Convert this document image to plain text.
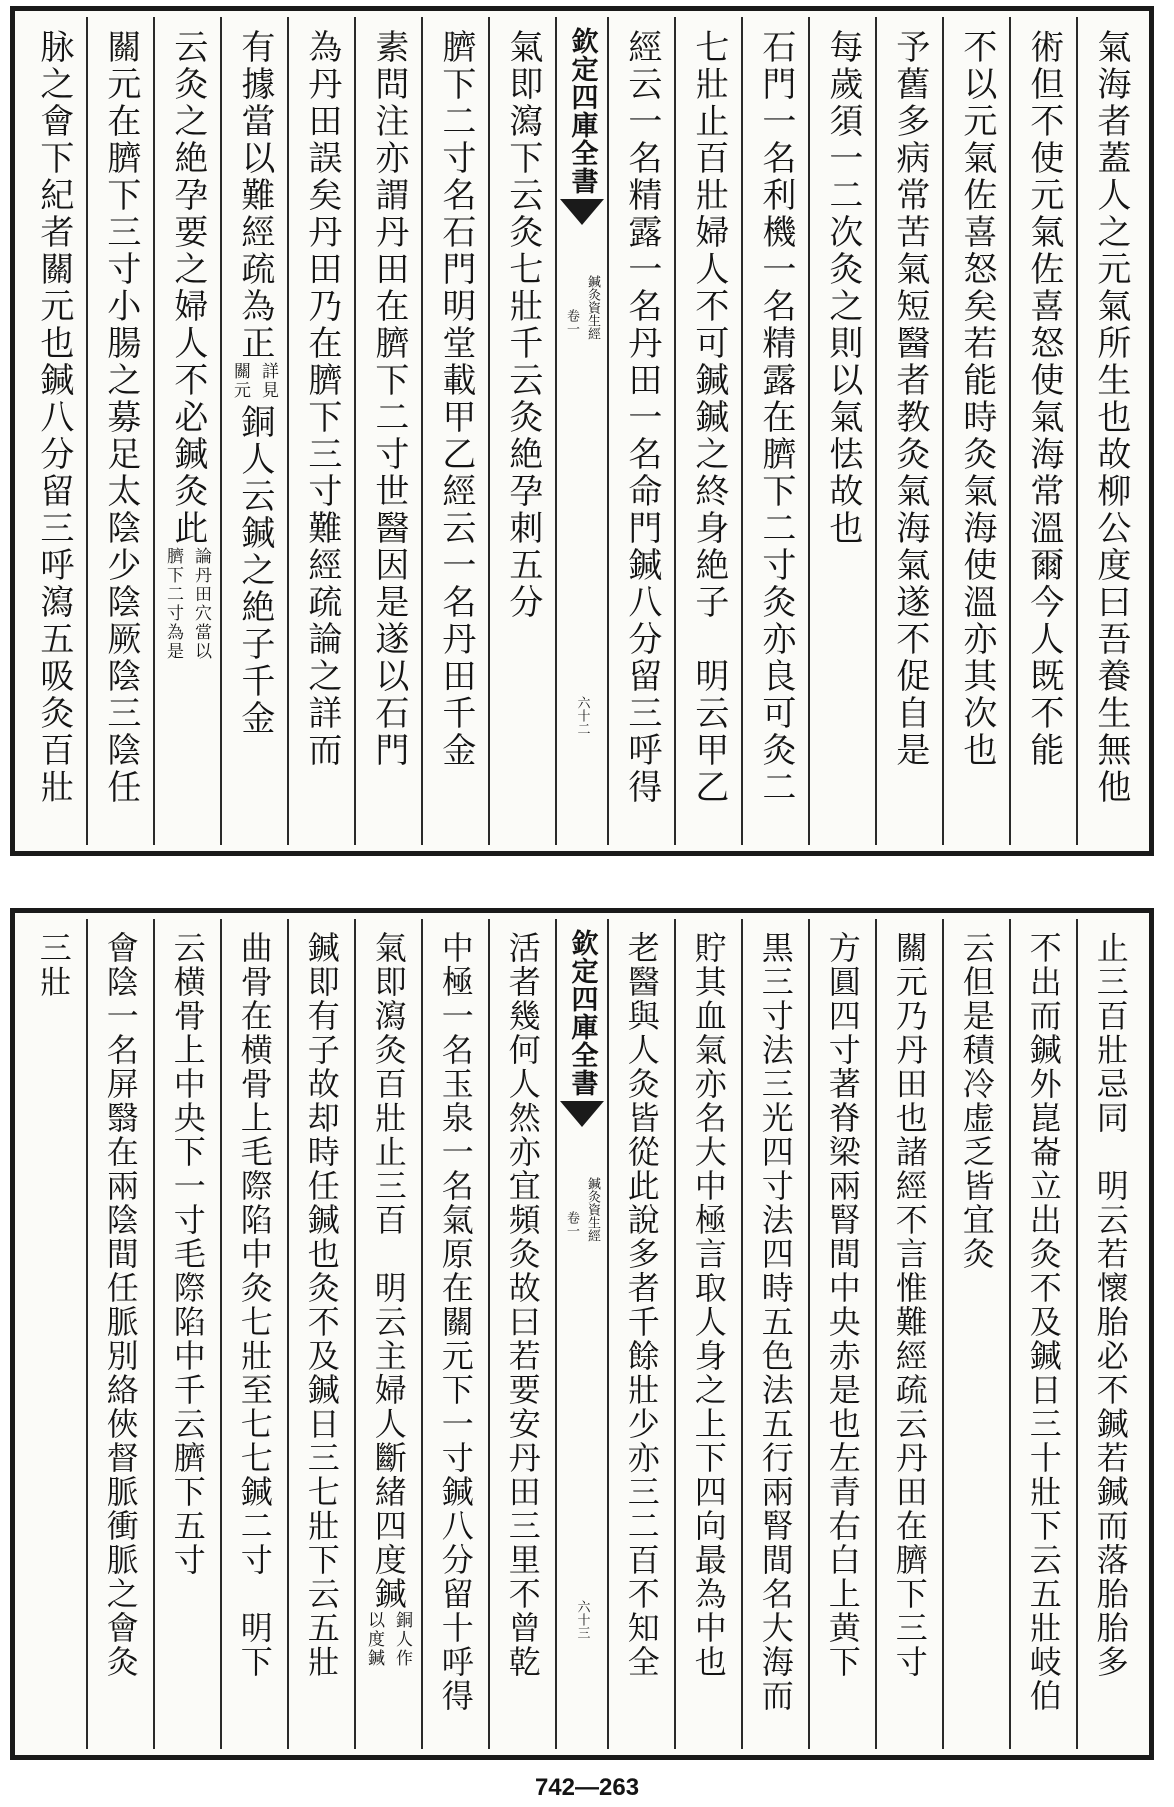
氣海者蓋人之元氣所生也故柳公度曰吾養生無他
術但不使元氣佐喜怒使氣海常溫爾今人既不能
不以元氣佐喜怒矣若能時灸氣海使溫亦其次也
予舊多病常苦氣短醫者教灸氣海氣遂不促自是
每歲須一二次灸之則以氣怯故也
石門一名利機一名精露在臍下二寸灸亦良可灸二
七壯止百壯婦人不可鍼鍼之終身絶子　明云甲乙
經云一名精露一名丹田一名命門鍼八分留三呼得
欽定四庫全書
鍼灸資生經
卷一
六十二
氣即瀉下云灸七壯千云灸絶孕刺五分
臍下二寸名石門明堂載甲乙經云一名丹田千金
素問注亦謂丹田在臍下二寸世醫因是遂以石門
為丹田誤矣丹田乃在臍下三寸難經疏論之詳而
有據當以難經疏為正
詳見
關元
銅人云鍼之絶子千金
云灸之絶孕要之婦人不必鍼灸此
論丹田穴當以
臍下二寸為是
關元在臍下三寸小腸之募足太陰少陰厥陰三陰任
脉之會下紀者關元也鍼八分留三呼瀉五吸灸百壯
止三百壯忌同　明云若懷胎必不鍼若鍼而落胎胎多
不出而鍼外崑崙立出灸不及鍼日三十壯下云五壯岐伯
云但是積冷虚乏皆宜灸
關元乃丹田也諸經不言惟難經疏云丹田在臍下三寸
方圓四寸著脊梁兩腎間中央赤是也左青右白上黄下
黒三寸法三光四寸法四時五色法五行兩腎間名大海而
貯其血氣亦名大中極言取人身之上下四向最為中也
老醫與人灸皆從此說多者千餘壯少亦三二百不知全
欽定四庫全書
鍼灸資生經
卷一
六十三
活者幾何人然亦宜頻灸故曰若要安丹田三里不曾乾
中極一名玉泉一名氣原在關元下一寸鍼八分留十呼得
氣即瀉灸百壯止三百　明云主婦人斷緒四度鍼
銅人作
以度鍼
鍼即有子故却時任鍼也灸不及鍼日三七壯下云五壯
曲骨在横骨上毛際陷中灸七壯至七七鍼二寸　明下
云横骨上中央下一寸毛際陷中千云臍下五寸
會陰一名屏翳在兩陰間任脈別絡俠督脈衝脈之會灸
三壯
742—263
